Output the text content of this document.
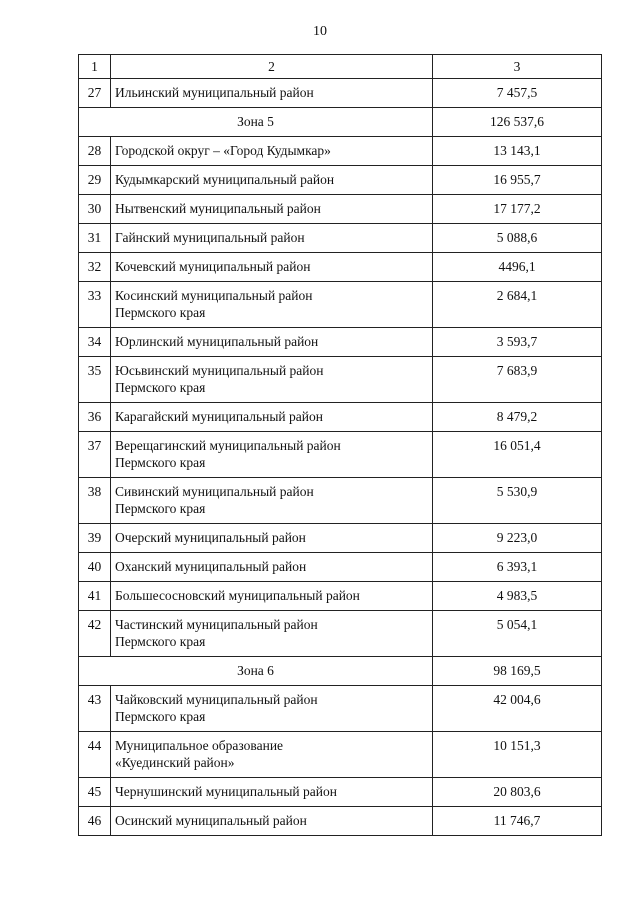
10
1	2	3
27	Ильинский муниципальный район	7 457,5
Зона 5		126 537,6
28	Городской округ – «Город Кудымкар»	13 143,1
29	Кудымкарский муниципальный район	16 955,7
30	Нытвенский муниципальный район	17 177,2
31	Гайнский муниципальный район	5 088,6
32	Кочевский муниципальный район	4496,1
33	Косинский муниципальный район
Пермского края	2 684,1
34	Юрлинский муниципальный район	3 593,7
35	Юсьвинский муниципальный район
Пермского края	7 683,9
36	Карагайский муниципальный район	8 479,2
37	Верещагинский муниципальный район
Пермского края	16 051,4
38	Сивинский муниципальный район
Пермского края	5 530,9
39	Очерский муниципальный район	9 223,0
40	Оханский муниципальный район	6 393,1
41	Большесосновский муниципальный район	4 983,5
42	Частинский муниципальный район
Пермского края	5 054,1
Зона 6		98 169,5
43	Чайковский муниципальный район
Пермского края	42 004,6
44	Муниципальное образование
«Куединский район»	10 151,3
45	Чернушинский муниципальный район	20 803,6
46	Осинский муниципальный район	11 746,7
